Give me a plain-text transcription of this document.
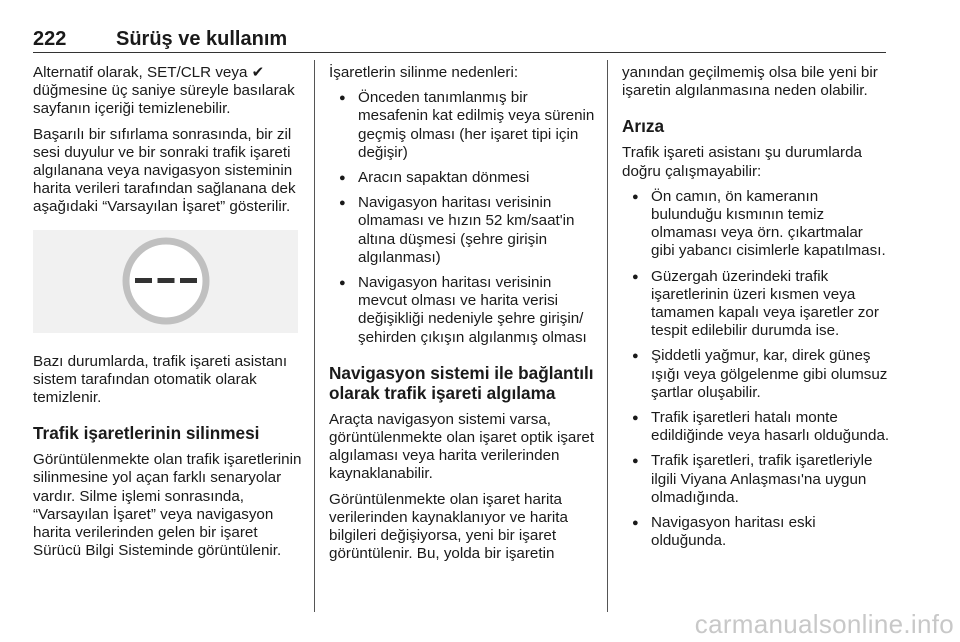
222 Sürüş ve kullanım

Alternatif olarak, SET/CLR veya ✔ düğmesine üç saniye süreyle basılarak sayfanın içeriği temizlenebilir.

Başarılı bir sıfırlama sonrasında, bir zil sesi duyulur ve bir sonraki trafik işareti algılanana veya navigasyon sisteminin harita verileri tarafından sağlanana dek aşağıdaki “Varsayılan İşaret” gösterilir.

Bazı durumlarda, trafik işareti asistanı sistem tarafından otomatik olarak temizlenir.

Trafik işaretlerinin silinmesi

Görüntülenmekte olan trafik işaretlerinin silinmesine yol açan farklı senaryolar vardır. Silme işlemi sonrasında, “Varsayılan İşaret” veya navigasyon harita verilerinden gelen bir işaret Sürücü Bilgi Sisteminde görüntülenir.

İşaretlerin silinme nedenleri:

● Önceden tanımlanmış bir mesafenin kat edilmiş veya sürenin geçmiş olması (her işaret tipi için değişir)
● Aracın sapaktan dönmesi
● Navigasyon haritası verisinin olmaması ve hızın 52 km/saat'in altına düşmesi (şehre girişin algılanması)
● Navigasyon haritası verisinin mevcut olması ve harita verisi değişikliği nedeniyle şehre girişin/şehirden çıkışın algılanmış olması
Navigasyon sistemi ile bağlantılı olarak trafik işareti algılama

Araçta navigasyon sistemi varsa, görüntülenmekte olan işaret optik işaret algılaması veya harita verilerinden kaynaklanabilir.

Görüntülenmekte olan işaret harita verilerinden kaynaklanıyor ve harita bilgileri değişiyorsa, yeni bir işaret görüntülenir. Bu, yolda bir işaretin

yanından geçilmemiş olsa bile yeni bir işaretin algılanmasına neden olabilir.

Arıza

Trafik işareti asistanı şu durumlarda doğru çalışmayabilir:

● Ön camın, ön kameranın bulunduğu kısmının temiz olmaması veya örn. çıkartmalar gibi yabancı cisimlerle kapatılması.
● Güzergah üzerindeki trafik işaretlerinin üzeri kısmen veya tamamen kapalı veya işaretler zor tespit edilebilir durumda ise.
● Şiddetli yağmur, kar, direk güneş ışığı veya gölgelenme gibi olumsuz şartlar oluşabilir.
● Trafik işaretleri hatalı monte edildiğinde veya hasarlı olduğunda.
● Trafik işaretleri, trafik işaretleriyle ilgili Viyana Anlaşması'na uygun olmadığında.
● Navigasyon haritası eski olduğunda.
carmanualsonline.info
